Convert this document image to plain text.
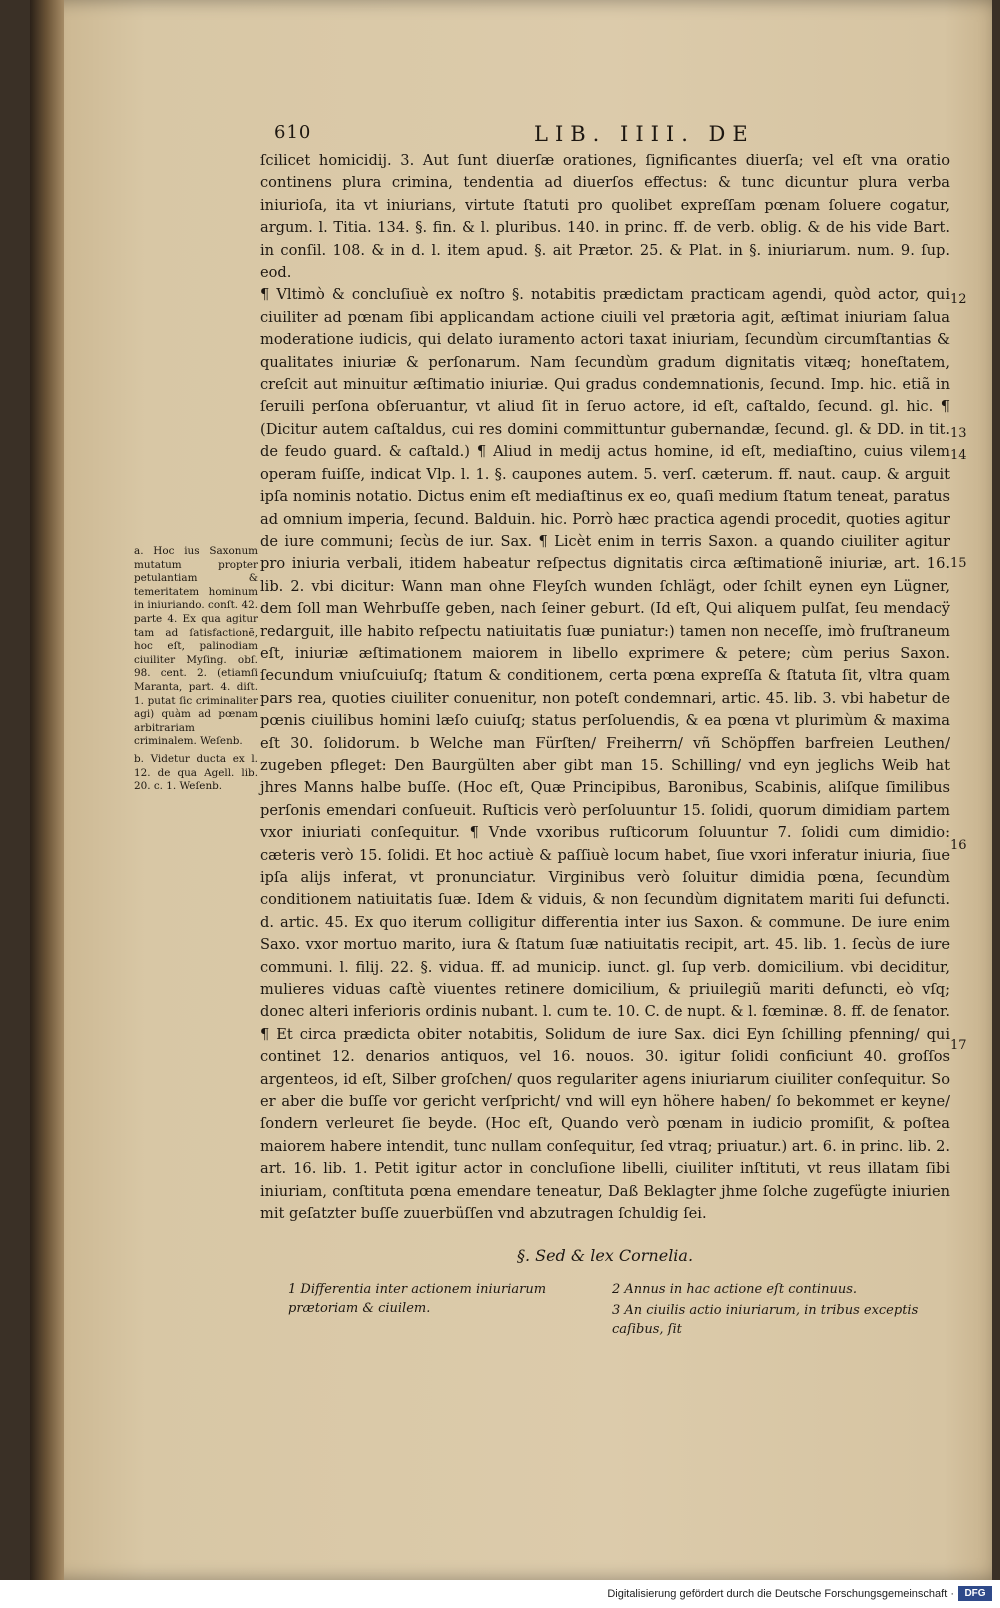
610	LIB. IIII. DE

ſcilicet homicidij. 3. Aut ſunt diuerſæ orationes, ſignificantes diuerſa; vel eſt vna oratio continens plura crimina, tendentia ad diuerſos effectus: & tunc dicuntur plura verba iniurioſa, ita vt iniurians, virtute ſtatuti pro quolibet expreſſam pœnam ſoluere cogatur, argum. l. Titia. 134. §. fin. & l. pluribus. 140. in princ. ff. de verb. oblig. & de his vide Bart. in conſil. 108. & in d. l. item apud. §. ait Prætor. 25. & Plat. in §. iniuriarum. num. 9. ſup. eod.

¶ Vltimò & concluſiuè ex noſtro §. notabitis prædictam practicam agendi, quòd actor, qui ciuiliter ad pœnam ſibi applicandam actione ciuili vel prætoria agit, æſtimat iniuriam ſalua moderatione iudicis, qui delato iuramento actori taxat iniuriam, ſecundùm circumſtantias & qualitates iniuriæ & perſonarum. Nam ſecundùm gradum dignitatis vitæq; honeſtatem, creſcit aut minuitur æſtimatio iniuriæ. Qui gradus condemnationis, ſecund. Imp. hic. etiã in ſeruili perſona obſeruantur, vt aliud ſit in ſeruo actore, id eſt, caſtaldo, ſecund. gl. hic. ¶ (Dicitur autem caſtaldus, cui res domini committuntur gubernandæ, ſecund. gl. & DD. in tit. de feudo guard. & caſtald.) ¶ Aliud in medij actus homine, id eſt, mediaſtino, cuius vilem operam fuiſſe, indicat Vlp. l. 1. §. caupones autem. 5. verſ. cæterum. ff. naut. caup. & arguit ipſa nominis notatio. Dictus enim eſt mediaſtinus ex eo, quaſi medium ſtatum teneat, paratus ad omnium imperia, ſecund. Balduin. hic. Porrò hæc practica agendi procedit, quoties agitur de iure communi; ſecùs de iur. Sax. ¶ Licèt enim in terris Saxon. a quando ciuiliter agitur pro iniuria verbali, itidem habeatur reſpectus dignitatis circa æſtimationẽ iniuriæ, art. 16. lib. 2. vbi dicitur: Wann man ohne Fleyſch wunden ſchlägt, oder ſchilt eynen eyn Lügner, dem ſoll man Wehrbuſſe geben, nach ſeiner geburt. (Id eſt, Qui aliquem pulſat, ſeu mendacÿ redarguit, ille habito reſpectu natiuitatis ſuæ puniatur:) tamen non neceſſe, imò fruſtraneum eſt, iniuriæ æſtimationem maiorem in libello exprimere & petere; cùm perius Saxon. ſecundum vniuſcuiuſq; ſtatum & conditionem, certa pœna expreſſa & ſtatuta ſit, vltra quam pars rea, quoties ciuiliter conuenitur, non poteſt condemnari, artic. 45. lib. 3. vbi habetur de pœnis ciuilibus homini læſo cuiuſq; status perſoluendis, & ea pœna vt plurimùm & maxima eſt 30. ſolidorum. b Welche man Fürſten/ Freiherrn/ vñ Schöpffen barfreien Leuthen/ zugeben pfleget: Den Baurgülten aber gibt man 15. Schilling/ vnd eyn jeglichs Weib hat jhres Manns halbe buſſe. (Hoc eſt, Quæ Principibus, Baronibus, Scabinis, aliſque ſimilibus perſonis emendari conſueuit. Ruſticis verò perſoluuntur 15. ſolidi, quorum dimidiam partem vxor iniuriati conſequitur. ¶ Vnde vxoribus ruſticorum ſoluuntur 7. ſolidi cum dimidio: cæteris verò 15. ſolidi. Et hoc actiuè & paſſiuè locum habet, ſiue vxori inferatur iniuria, ſiue ipſa alijs inferat, vt pronunciatur. Virginibus verò ſoluitur dimidia pœna, ſecundùm conditionem natiuitatis ſuæ. Idem & viduis, & non ſecundùm dignitatem mariti ſui defuncti. d. artic. 45. Ex quo iterum colligitur differentia inter ius Saxon. & commune. De iure enim Saxo. vxor mortuo marito, iura & ſtatum ſuæ natiuitatis recipit, art. 45. lib. 1. ſecùs de iure communi. l. filij. 22. §. vidua. ff. ad municip. iunct. gl. ſup verb. domicilium. vbi deciditur, mulieres viduas caſtè viuentes retinere domicilium, & priuilegiũ mariti defuncti, eò vſq; donec alteri inferioris ordinis nubant. l. cum te. 10. C. de nupt. & l. fœminæ. 8. ff. de ſenator. ¶ Et circa prædicta obiter notabitis, Solidum de iure Sax. dici Eyn ſchilling pfenning/ qui continet 12. denarios antiquos, vel 16. nouos. 30. igitur ſolidi conficiunt 40. groſſos argenteos, id eſt, Silber groſchen/ quos regulariter agens iniuriarum ciuiliter conſequitur. So er aber die buſſe vor gericht verſpricht/ vnd will eyn höhere haben/ ſo bekommet er keyne/ ſondern verleuret ſie beyde. (Hoc eſt, Quando verò pœnam in iudicio promiſit, & poſtea maiorem habere intendit, tunc nullam conſequitur, ſed vtraq; priuatur.) art. 6. in princ. lib. 2. art. 16. lib. 1. Petit igitur actor in concluſione libelli, ciuiliter inſtituti, vt reus illatam ſibi iniuriam, conſtituta pœna emendare teneatur, Daß Beklagter jhme ſolche zugefügte iniurien mit geſatzter buſſe zuuerbüſſen vnd abzutragen ſchuldig ſei.

§. Sed & lex Cornelia.
1 Differentia inter actionem iniuriarum prætoriam & ciuilem.
2 Annus in hac actione eſt continuus.
3 An ciuilis actio iniuriarum, in tribus exceptis caſibus, ſit
a. Hoc ius Saxonum mutatum propter petulantiam & temeritatem hominum in iniuriando. conſt. 42. parte 4. Ex qua agitur tam ad ſatisfactionẽ, hoc eſt, palinodiam ciuiliter Myſing. obſ. 98. cent. 2. (etiamſi Maranta, part. 4. diſt. 1. putat ſic criminaliter agi) quàm ad pœnam arbitrariam criminalem. Weſenb.
b. Videtur ducta ex l. 12. de qua Agell. lib. 20. c. 1. Weſenb.
12
13
14
15
16
17
Digitalisierung gefördert durch die Deutsche Forschungsgemeinschaft ·	DFG
